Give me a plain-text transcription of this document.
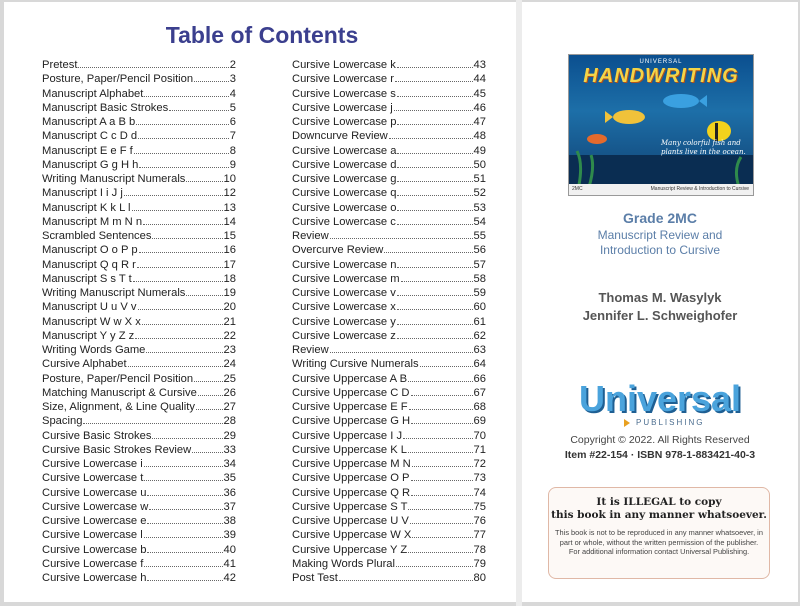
Table of Contents
Pretest	2
Posture, Paper/Pencil Position	3
Manuscript Alphabet	4
Manuscript Basic Strokes	5
Manuscript A a B b	6
Manuscript C c D d	7
Manuscript E e F f	8
Manuscript G g H h	9
Writing Manuscript Numerals	10
Manuscript I i J j	12
Manuscript K k L l	13
Manuscript M m N n	14
Scrambled Sentences	15
Manuscript O o P p	16
Manuscript Q q R r	17
Manuscript S s T t	18
Writing Manuscript Numerals	19
Manuscript U u V v	20
Manuscript W w X x	21
Manuscript Y y Z z	22
Writing Words Game	23
Cursive Alphabet	24
Posture, Paper/Pencil Position	25
Matching Manuscript & Cursive 26
Size, Alignment, & Line Quality	27
Spacing	28
Cursive Basic Strokes	29
Cursive Basic Strokes Review	33
Cursive Lowercase i	34
Cursive Lowercase t	35
Cursive Lowercase u	36
Cursive Lowercase w	37
Cursive Lowercase e	38
Cursive Lowercase l	39
Cursive Lowercase b	40
Cursive Lowercase f	41
Cursive Lowercase h	42
Cursive Lowercase k	43
Cursive Lowercase r	44
Cursive Lowercase s	45
Cursive Lowercase j	46
Cursive Lowercase p	47
Downcurve Review	48
Cursive Lowercase a	49
Cursive Lowercase d	50
Cursive Lowercase g	51
Cursive Lowercase q	52
Cursive Lowercase o	53
Cursive Lowercase c	54
Review	55
Overcurve Review	56
Cursive Lowercase n	57
Cursive Lowercase m	58
Cursive Lowercase v	59
Cursive Lowercase x	60
Cursive Lowercase y	61
Cursive Lowercase z	62
Review	63
Writing Cursive Numerals	64
Cursive Uppercase A B	66
Cursive Uppercase C D	67
Cursive Uppercase E F	68
Cursive Uppercase G H	69
Cursive Uppercase I J	70
Cursive Uppercase K L	71
Cursive Uppercase M N	72
Cursive Uppercase O P	73
Cursive Uppercase Q R	74
Cursive Uppercase S T	75
Cursive Uppercase U V	76
Cursive Uppercase W X	77
Cursive Uppercase Y Z	78
Making Words Plural	79
Post Test	80
UNIVERSAL
HANDWRITING
Many colorful fish and plants live in the ocean.
2MC	Manuscript Review & Introduction to Cursive
Grade 2MC
Manuscript Review and
Introduction to Cursive
Thomas M. Wasylyk
Jennifer L. Schweighofer
Universal
PUBLISHING
Copyright © 2022. All Rights Reserved
Item #22-154 · ISBN 978-1-883421-40-3
It is ILLEGAL to copy
this book in any manner whatsoever.
This book is not to be reproduced in any manner whatsoever, in part or whole, without the written permission of the publisher. For additional information contact Universal Publishing.
